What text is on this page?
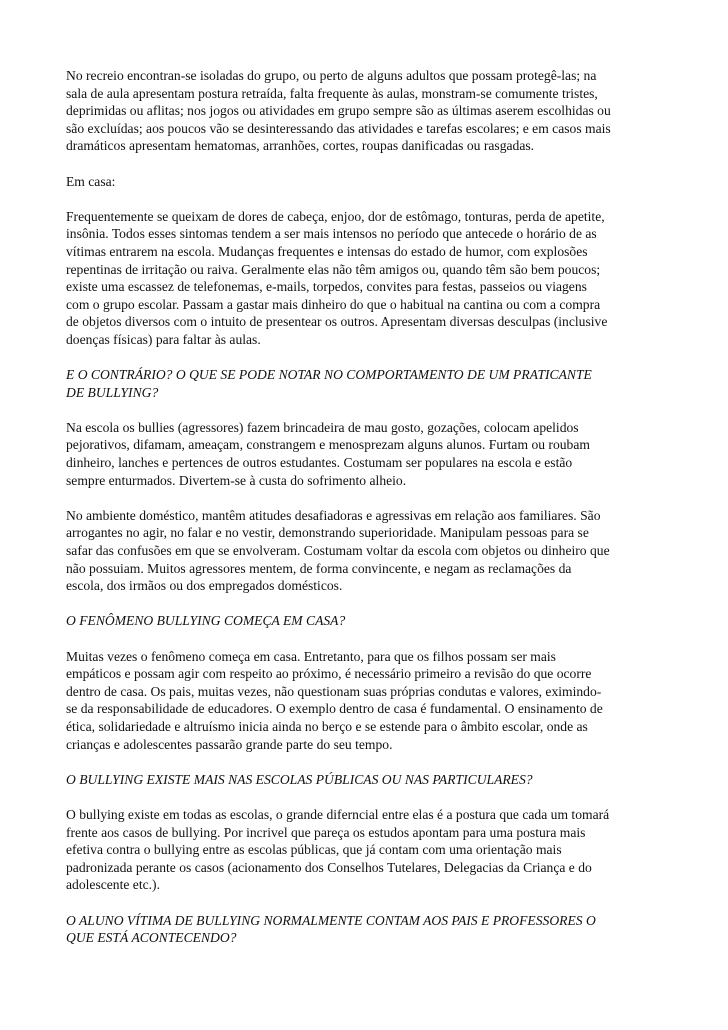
No recreio encontran-se isoladas do grupo, ou perto de alguns adultos que possam protegê-las; na
sala de aula apresentam postura retraída, falta frequente às aulas, monstram-se comumente tristes,
deprimidas ou aflitas; nos jogos ou atividades em grupo sempre são as últimas aserem escolhidas ou
são excluídas; aos poucos vão se desinteressando das atividades e tarefas escolares; e em casos mais
dramáticos apresentam hematomas, arranhões, cortes, roupas danificadas ou rasgadas.
Em casa:
Frequentemente se queixam de dores de cabeça, enjoo, dor de estômago, tonturas, perda de apetite,
insônia. Todos esses sintomas tendem a ser mais intensos no período que antecede o horário de as
vítimas entrarem na escola. Mudanças frequentes e intensas do estado de humor, com explosões
repentinas de irritação ou raiva. Geralmente elas não têm amigos ou, quando têm são bem poucos;
existe uma escassez de telefonemas, e-mails, torpedos, convites para festas, passeios ou viagens
com o grupo escolar. Passam a gastar mais dinheiro do que o habitual na cantina ou com a compra
de objetos diversos com o intuito de presentear os outros. Apresentam diversas desculpas (inclusive
doenças físicas) para faltar às aulas.
E O CONTRÁRIO? O QUE SE PODE NOTAR NO COMPORTAMENTO DE UM PRATICANTE
DE BULLYING?
Na escola os bullies (agressores) fazem brincadeira de mau gosto, gozações, colocam apelidos
pejorativos, difamam, ameaçam, constrangem e menosprezam alguns alunos. Furtam ou roubam
dinheiro, lanches e pertences de outros estudantes. Costumam ser populares na escola e estão
sempre enturmados. Divertem-se à custa do sofrimento alheio.
No ambiente doméstico, mantêm atitudes desafiadoras e agressivas em relação aos familiares. São
arrogantes no agir, no falar e no vestir, demonstrando superioridade. Manipulam pessoas para se
safar das confusões em que se envolveram. Costumam voltar da escola com objetos ou dinheiro que
não possuiam. Muitos agressores mentem, de forma convincente, e negam as reclamações da
escola, dos irmãos ou dos empregados domésticos.
O FENÔMENO BULLYING COMEÇA EM CASA?
Muitas vezes o fenômeno começa em casa. Entretanto, para que os filhos possam ser mais
empáticos e possam agir com respeito ao próximo, é necessário primeiro a revisão do que ocorre
dentro de casa. Os pais, muitas vezes, não questionam suas próprias condutas e valores, eximindo-
se da responsabilidade de educadores. O exemplo dentro de casa é fundamental. O ensinamento de
ética, solidariedade e altruísmo inicia ainda no berço e se estende para o âmbito escolar, onde as
crianças e adolescentes passarão grande parte do seu tempo.
O BULLYING EXISTE MAIS NAS ESCOLAS PÚBLICAS OU NAS PARTICULARES?
O bullying existe em todas as escolas, o grande diferncial entre elas é a postura que cada um tomará
frente aos casos de bullying. Por incrivel que pareça os estudos apontam para uma postura mais
efetiva contra o bullying entre as escolas públicas, que já contam com uma orientação mais
padronizada perante os casos (acionamento dos Conselhos Tutelares, Delegacias da Criança e do
adolescente etc.).
O ALUNO VÍTIMA DE BULLYING NORMALMENTE CONTAM AOS PAIS E PROFESSORES O
QUE ESTÁ ACONTECENDO?
